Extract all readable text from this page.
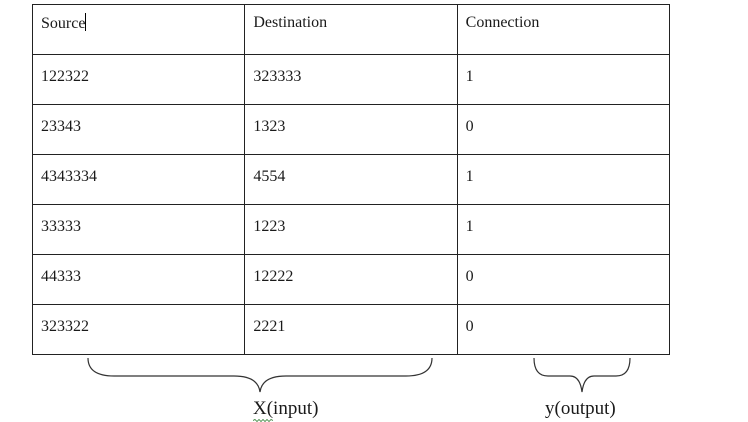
Source	Destination	Connection

122322	323333	1

23343	1323	0

4343334	4554	1

33333	1223	1

44333	12222	0

323322	2221	0
X(input)	y(output)
